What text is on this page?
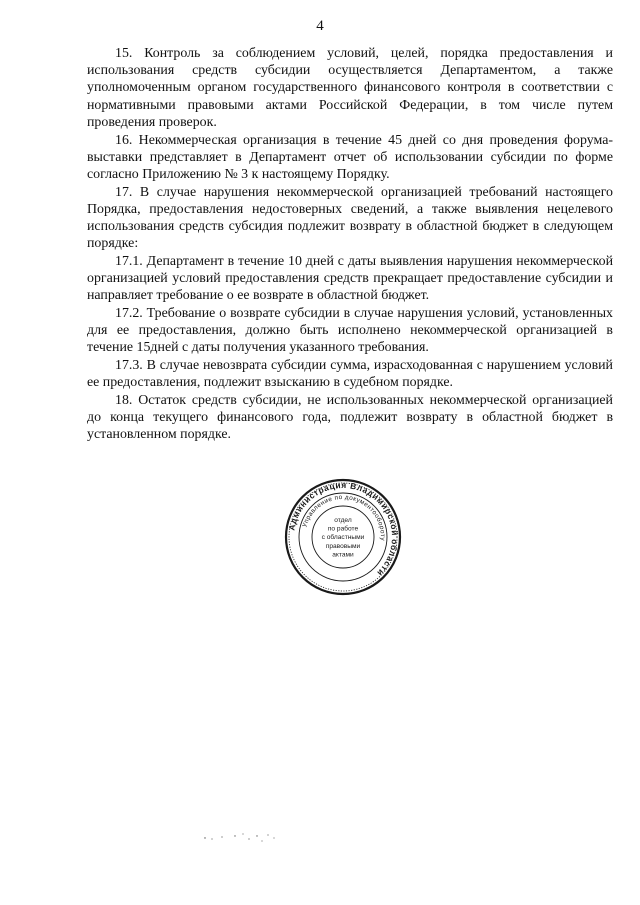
4

15. Контроль за соблюдением условий, целей, порядка предоставления и использования средств субсидии осуществляется Департаментом, а также уполномоченным органом государственного финансового контроля в соответствии с нормативными правовыми актами Российской Федерации, в том числе путем проведения проверок.

16. Некоммерческая организация в течение 45 дней со дня проведения форума-выставки представляет в Департамент отчет об использовании субсидии по форме согласно Приложению № 3 к настоящему Порядку.

17. В случае нарушения некоммерческой организацией требований настоящего Порядка, предоставления недостоверных сведений, а также выявления нецелевого использования средств субсидия подлежит возврату в областной бюджет в следующем порядке:

17.1. Департамент в течение 10 дней с даты выявления нарушения некоммерческой организацией условий предоставления средств прекращает предоставление субсидии и направляет требование о ее возврате в областной бюджет.

17.2. Требование о возврате субсидии в случае нарушения условий, установленных для ее предоставления, должно быть исполнено некоммерческой организацией в течение 15дней с даты получения указанного требования.

17.3. В случае невозврата субсидии сумма, израсходованная с нарушением условий ее предоставления, подлежит взысканию в судебном порядке.

18. Остаток средств субсидии, не использованных некоммерческой организацией до конца текущего финансового года, подлежит возврату в областной бюджет в установленном порядке.

Администрация Владимирской области
Управление по документообороту
отдел
по работе
с областными
правовыми
актами
